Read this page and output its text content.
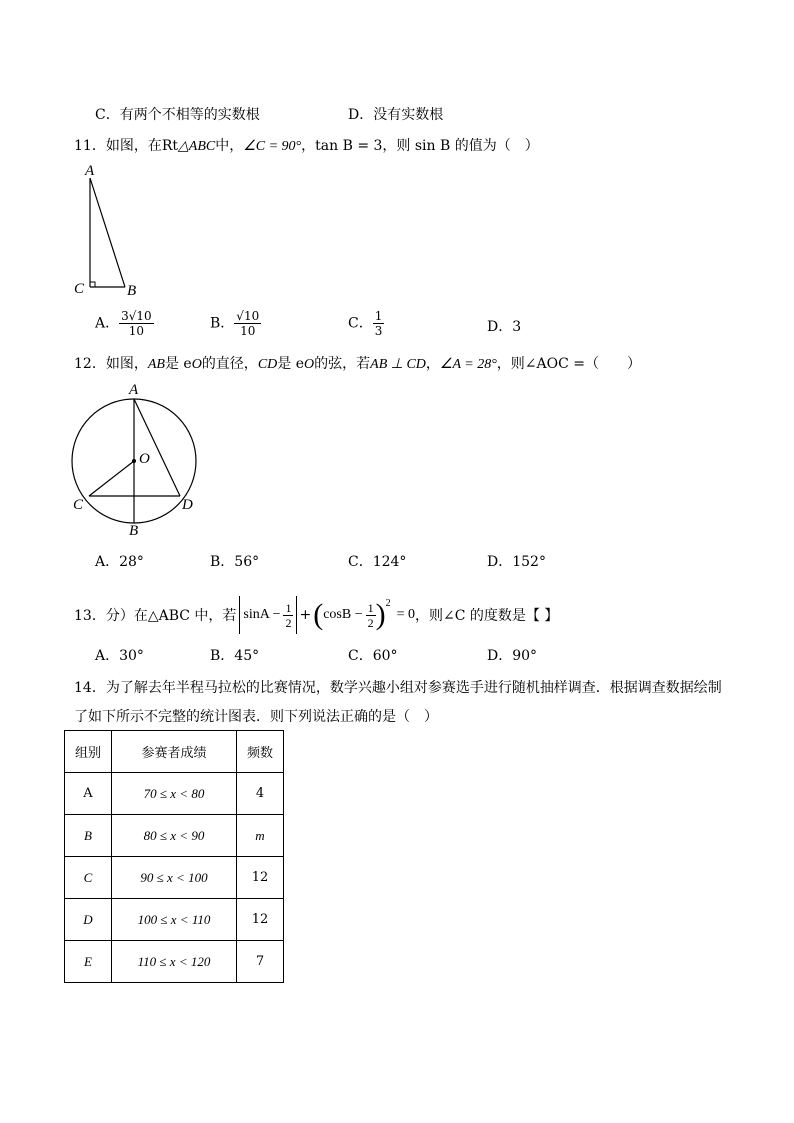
C．有两个不相等的实数根	D．没有实数根
11．如图，在Rt△ABC中，∠C = 90°，tan B = 3，则 sin B 的值为（　）
A
C	B
A． $\frac{3√10}{10}$	B． $\frac{√10}{10}$	C． $\frac{1}{3}$	D．3
12．如图，AB是 eO的直径，CD是 eO的弦，若AB ⊥ CD，∠A = 28°，则∠AOC =（　　）
A
O
C	D
B
A．28°	B．56°	C．124°	D．152°
13．分）在△ABC 中，若 $\sin A - \frac{1}{2}$ + ( $\cos B - \frac{1}{2}$ ) 2
= 0 ，则∠C 的度数是【 】
A．30°	B．45°	C．60°	D．90°
14．为了解去年半程马拉松的比赛情况，数学兴趣小组对参赛选手进行随机抽样调查．根据调查数据绘制
了如下所示不完整的统计图表．则下列说法正确的是（　）
组别	参赛者成绩	频数
A	70 ≤ x < 80	4
B	80 ≤ x < 90	m
C	90 ≤ x < 100	12
D	100 ≤ x < 110	12
E	110 ≤ x < 120	7
